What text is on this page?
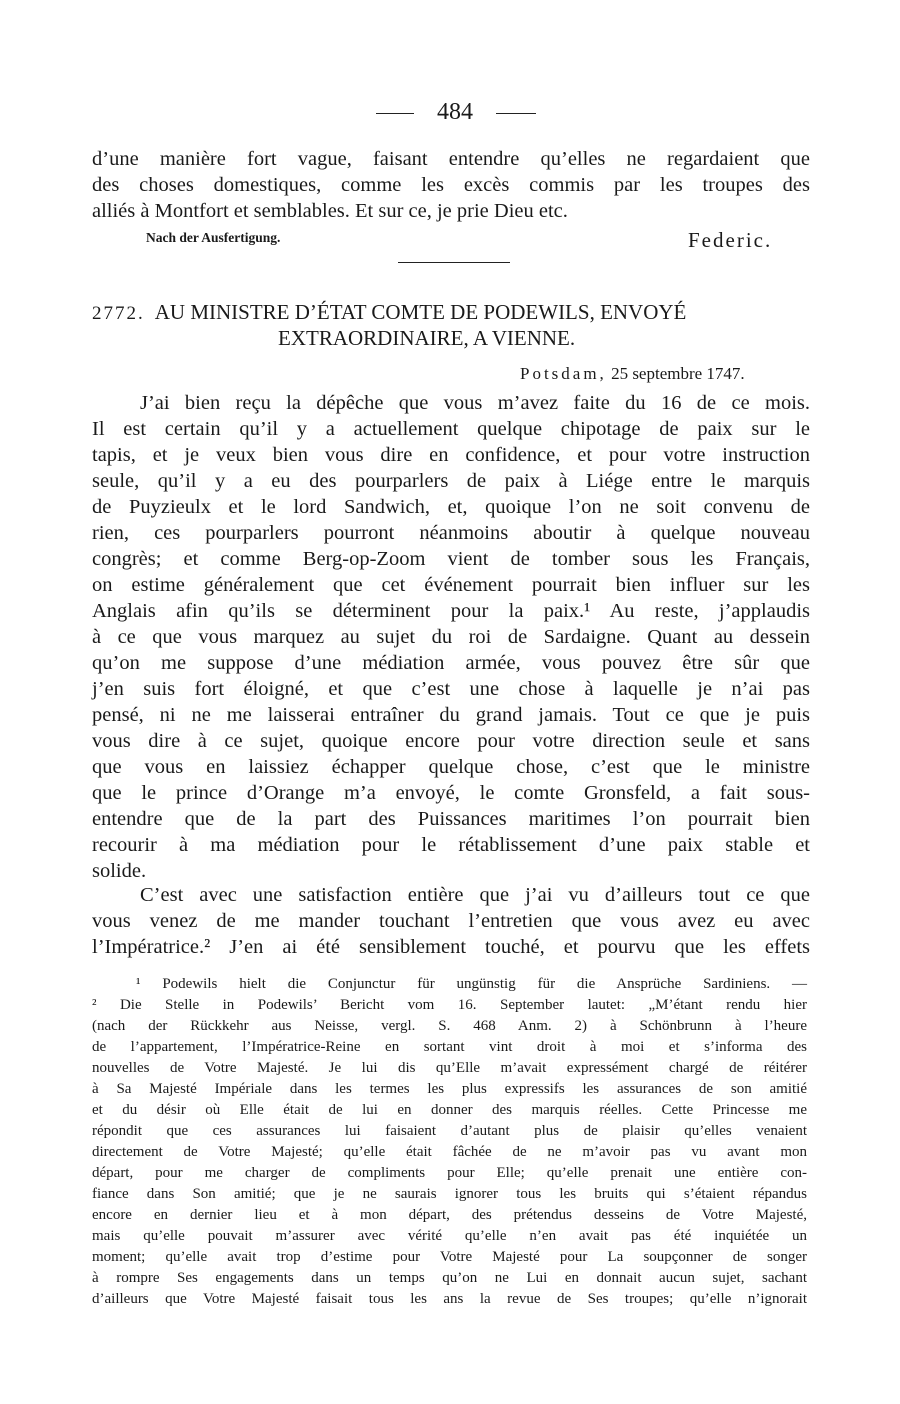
484
d’une manière fort vague, faisant entendre qu’elles ne regardaient que
des choses domestiques, comme les excès commis par les troupes des
alliés à Montfort et semblables. Et sur ce, je prie Dieu etc.
Nach der Ausfertigung.	Federic.
2772. AU MINISTRE D’ÉTAT COMTE DE PODEWILS, ENVOYÉ
EXTRAORDINAIRE, A VIENNE.
Potsdam, 25 septembre 1747.
J’ai bien reçu la dépêche que vous m’avez faite du 16 de ce mois.
Il est certain qu’il y a actuellement quelque chipotage de paix sur le
tapis, et je veux bien vous dire en confidence, et pour votre instruction
seule, qu’il y a eu des pourparlers de paix à Liége entre le marquis
de Puyzieulx et le lord Sandwich, et, quoique l’on ne soit convenu de
rien, ces pourparlers pourront néanmoins aboutir à quelque nouveau
congrès; et comme Berg-op-Zoom vient de tomber sous les Français,
on estime généralement que cet événement pourrait bien influer sur les
Anglais afin qu’ils se déterminent pour la paix.¹ Au reste, j’applaudis
à ce que vous marquez au sujet du roi de Sardaigne. Quant au dessein
qu’on me suppose d’une médiation armée, vous pouvez être sûr que
j’en suis fort éloigné, et que c’est une chose à laquelle je n’ai pas
pensé, ni ne me laisserai entraîner du grand jamais. Tout ce que je puis
vous dire à ce sujet, quoique encore pour votre direction seule et sans
que vous en laissiez échapper quelque chose, c’est que le ministre
que le prince d’Orange m’a envoyé, le comte Gronsfeld, a fait sous-
entendre que de la part des Puissances maritimes l’on pourrait bien
recourir à ma médiation pour le rétablissement d’une paix stable et
solide.
C’est avec une satisfaction entière que j’ai vu d’ailleurs tout ce que
vous venez de me mander touchant l’entretien que vous avez eu avec
l’Impératrice.² J’en ai été sensiblement touché, et pourvu que les effets
¹ Podewils hielt die Conjunctur für ungünstig für die Ansprüche Sardiniens. —
² Die Stelle in Podewils’ Bericht vom 16. September lautet: „M’étant rendu hier
(nach der Rückkehr aus Neisse, vergl. S. 468 Anm. 2) à Schönbrunn à l’heure
de l’appartement, l’Impératrice-Reine en sortant vint droit à moi et s’informa des
nouvelles de Votre Majesté. Je lui dis qu’Elle m’avait expressément chargé de réitérer
à Sa Majesté Impériale dans les termes les plus expressifs les assurances de son amitié
et du désir où Elle était de lui en donner des marquis réelles. Cette Princesse me
répondit que ces assurances lui faisaient d’autant plus de plaisir qu’elles venaient
directement de Votre Majesté; qu’elle était fâchée de ne m’avoir pas vu avant mon
départ, pour me charger de compliments pour Elle; qu’elle prenait une entière con-
fiance dans Son amitié; que je ne saurais ignorer tous les bruits qui s’étaient répandus
encore en dernier lieu et à mon départ, des prétendus desseins de Votre Majesté,
mais qu’elle pouvait m’assurer avec vérité qu’elle n’en avait pas été inquiétée un
moment; qu’elle avait trop d’estime pour Votre Majesté pour La soupçonner de songer
à rompre Ses engagements dans un temps qu’on ne Lui en donnait aucun sujet, sachant
d’ailleurs que Votre Majesté faisait tous les ans la revue de Ses troupes; qu’elle n’ignorait
